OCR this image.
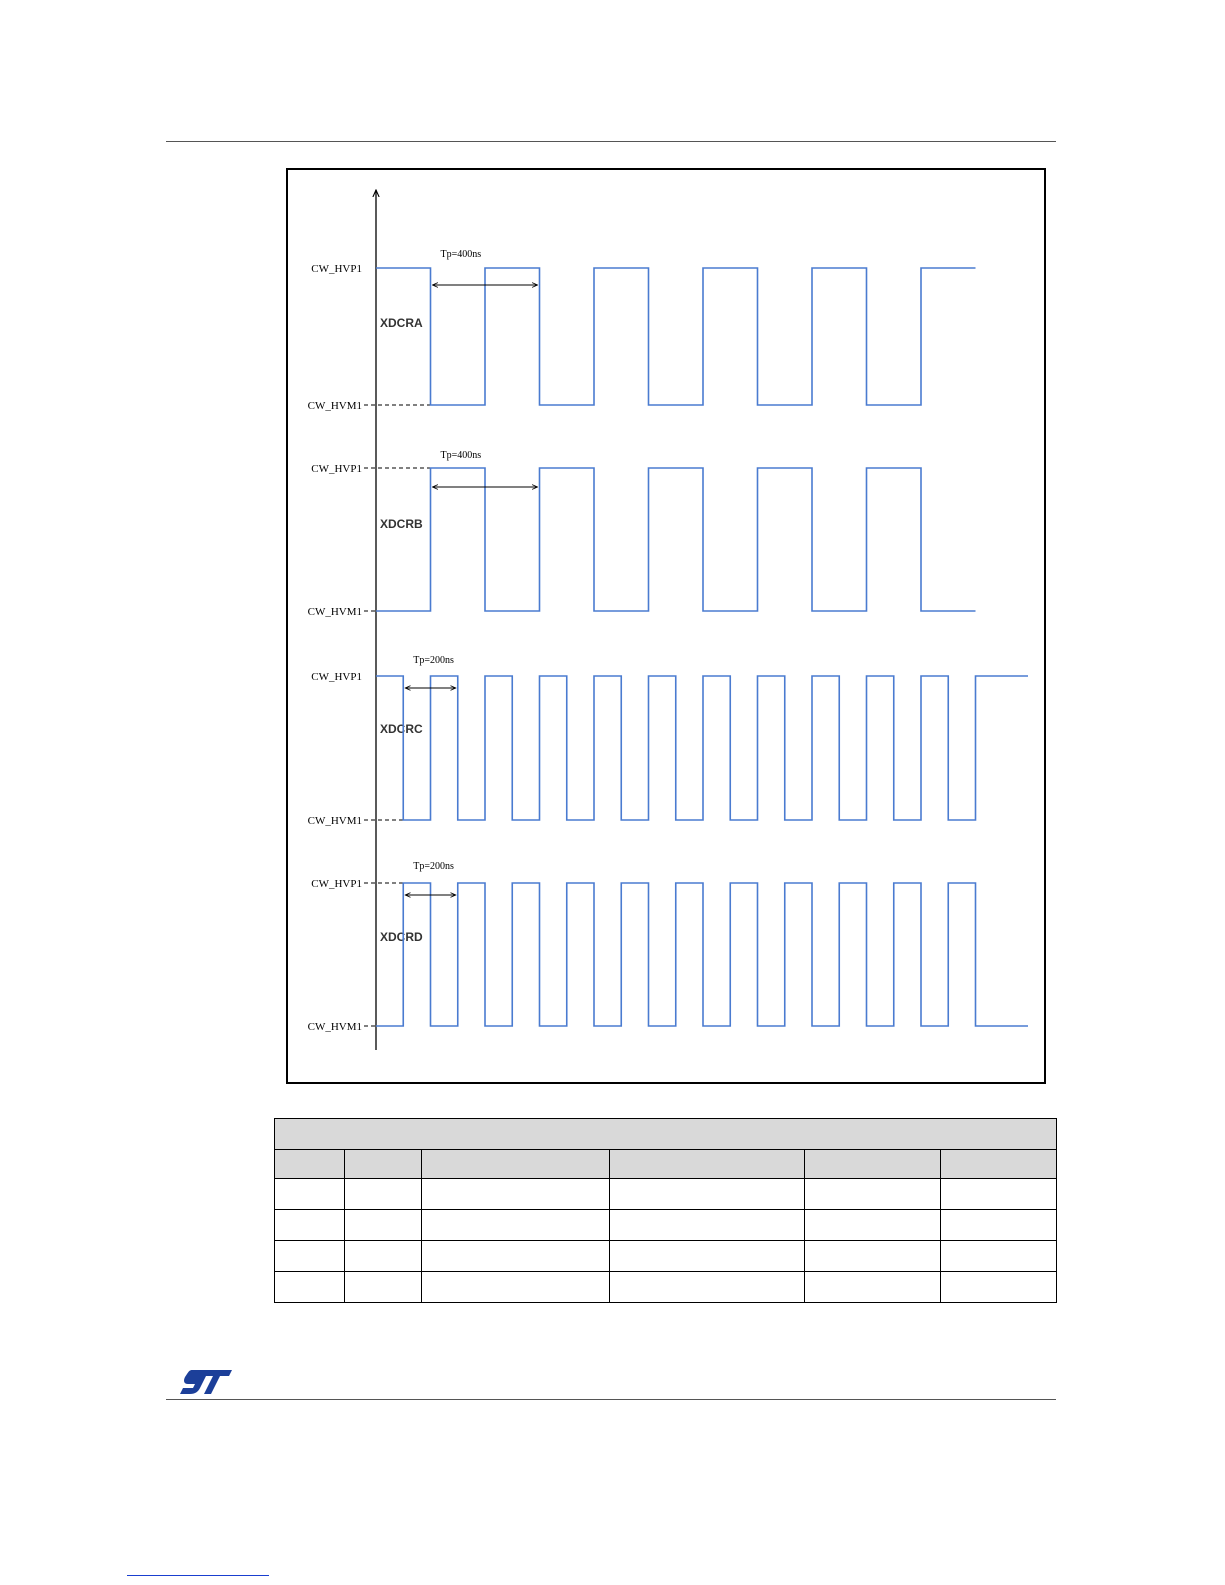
CW_HVP1
CW_HVM1
XDCRA
Tp=400ns
CW_HVP1
CW_HVM1
XDCRB
Tp=400ns
CW_HVP1
CW_HVM1
XDCRC
Tp=200ns
CW_HVP1
CW_HVM1
XDCRD
Tp=200ns
